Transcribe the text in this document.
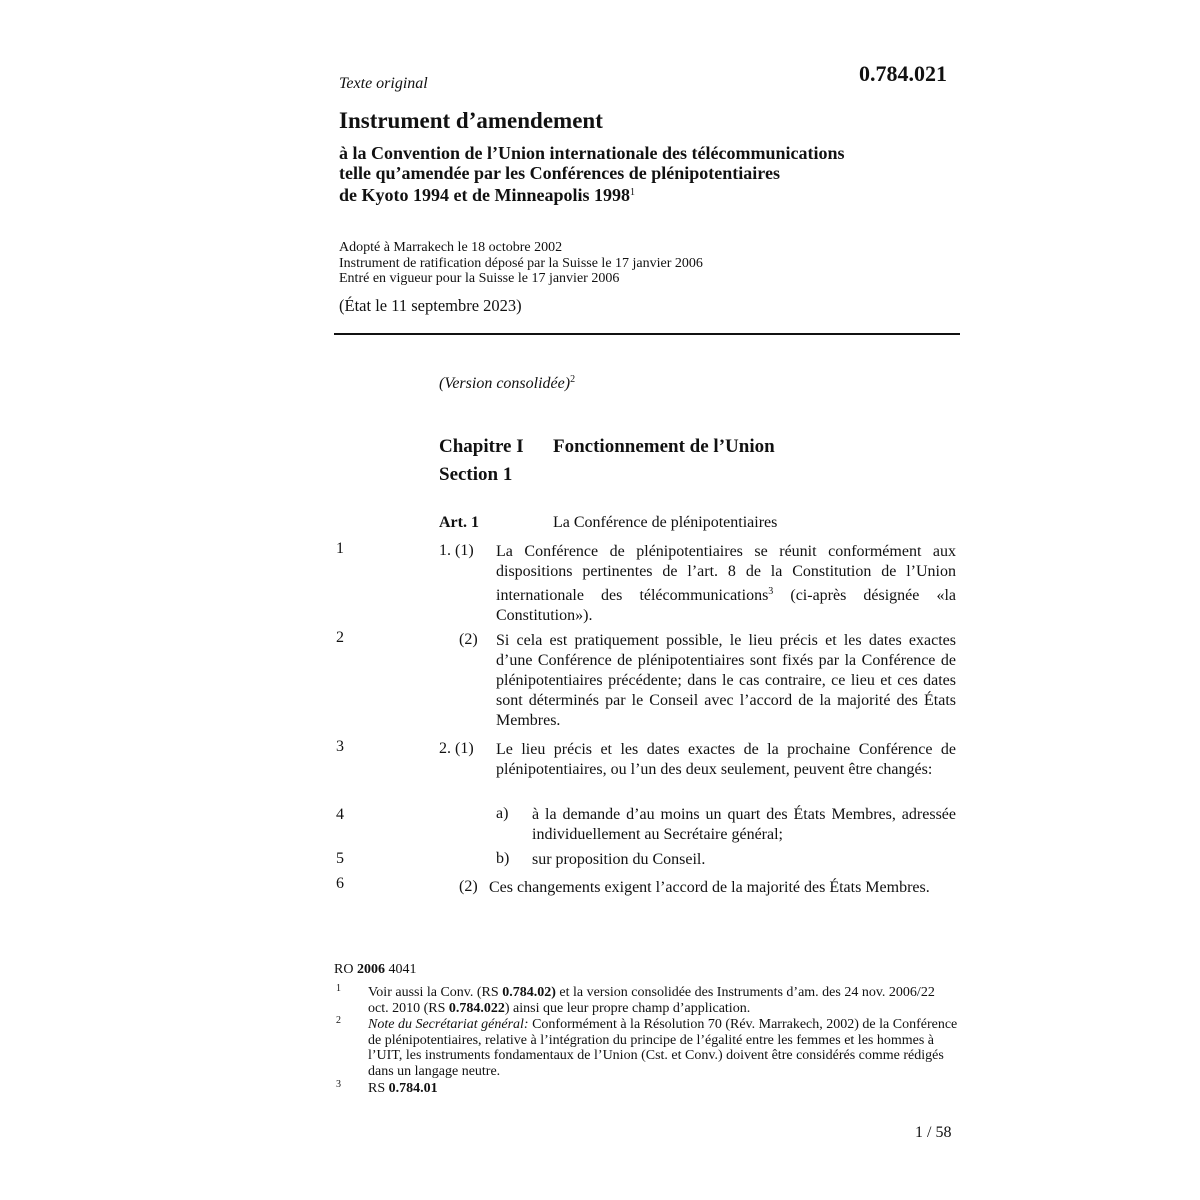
Texte original	0.784.021
Instrument d’amendement
à la Convention de l’Union internationale des télécommunications
telle qu’amendée par les Conférences de plénipotentiaires
de Kyoto 1994 et de Minneapolis 1998$^1$
Adopté à Marrakech le 18 octobre 2002
Instrument de ratification déposé par la Suisse le 17 janvier 2006
Entré en vigueur pour la Suisse le 17 janvier 2006
(État le 11 septembre 2023)
(Version consolidée)$^2$
Chapitre I Fonctionnement de l’Union
Section 1
Art. 1	La Conférence de plénipotentiaires
1
2
3
4
5
6
1. (1) La Conférence de plénipotentiaires se réunit conformément aux dispositions pertinentes de l’art. 8 de la Constitution de l’Union internationale des télécommunications$^3$ (ci-après désignée «la Constitution»).
(2) Si cela est pratiquement possible, le lieu précis et les dates exactes d’une Conférence de plénipotentiaires sont fixés par la Conférence de plénipotentiaires précédente; dans le cas contraire, ce lieu et ces dates sont déterminés par le Conseil avec l’accord de la majorité des États Membres.
2. (1) Le lieu précis et les dates exactes de la prochaine Conférence de plénipotentiaires, ou l’un des deux seulement, peuvent être changés:
a) à la demande d’au moins un quart des États Membres, adressée individuellement au Secrétaire général;
b) sur proposition du Conseil.
(2) Ces changements exigent l’accord de la majorité des États Membres.
RO 2006 4041
1 Voir aussi la Conv. (RS 0.784.02) et la version consolidée des Instruments d’am. des 24 nov. 2006/22 oct. 2010 (RS 0.784.022) ainsi que leur propre champ d’application.
2 Note du Secrétariat général: Conformément à la Résolution 70 (Rév. Marrakech, 2002) de la Conférence de plénipotentiaires, relative à l’intégration du principe de l’égalité entre les femmes et les hommes à l’UIT, les instruments fondamentaux de l’Union (Cst. et Conv.) doivent être considérés comme rédigés dans un langage neutre.
3 RS 0.784.01
1 / 58
